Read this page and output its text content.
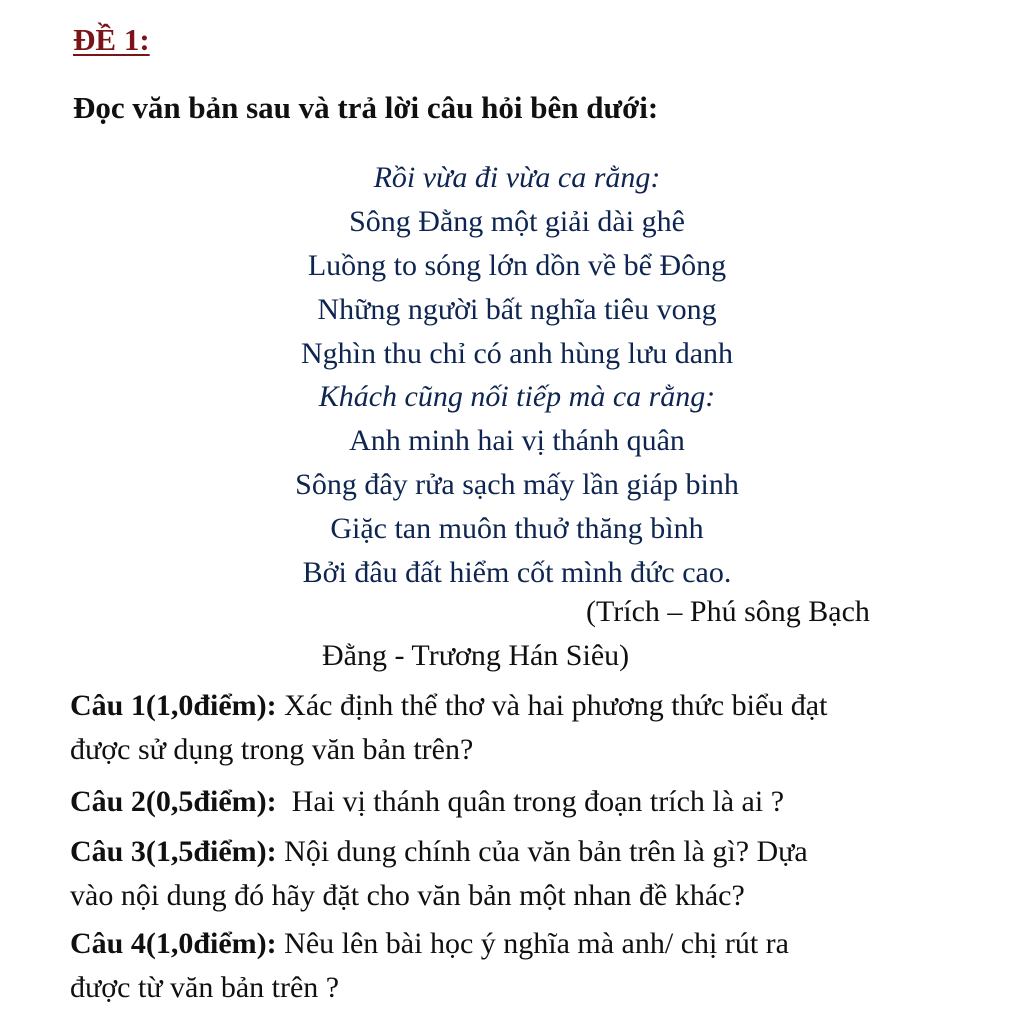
ĐỀ 1:
Đọc văn bản sau và trả lời câu hỏi bên dưới:
Rồi vừa đi vừa ca rằng:
Sông Đằng một giải dài ghê
Luồng to sóng lớn dồn về bể Đông
Những người bất nghĩa tiêu vong
Nghìn thu chỉ có anh hùng lưu danh
Khách cũng nối tiếp mà ca rằng:
Anh minh hai vị thánh quân
Sông đây rửa sạch mấy lần giáp binh
Giặc tan muôn thuở thăng bình
Bởi đâu đất hiểm cốt mình đức cao.
(Trích – Phú sông Bạch
Đằng - Trương Hán Siêu)
Câu 1(1,0điểm): Xác định thể thơ và hai phương thức biểu đạt
được sử dụng trong văn bản trên?
Câu 2(0,5điểm):  Hai vị thánh quân trong đoạn trích là ai ?
Câu 3(1,5điểm): Nội dung chính của văn bản trên là gì? Dựa
vào nội dung đó hãy đặt cho văn bản một nhan đề khác?
Câu 4(1,0điểm): Nêu lên bài học ý nghĩa mà anh/ chị rút ra
được từ văn bản trên ?
